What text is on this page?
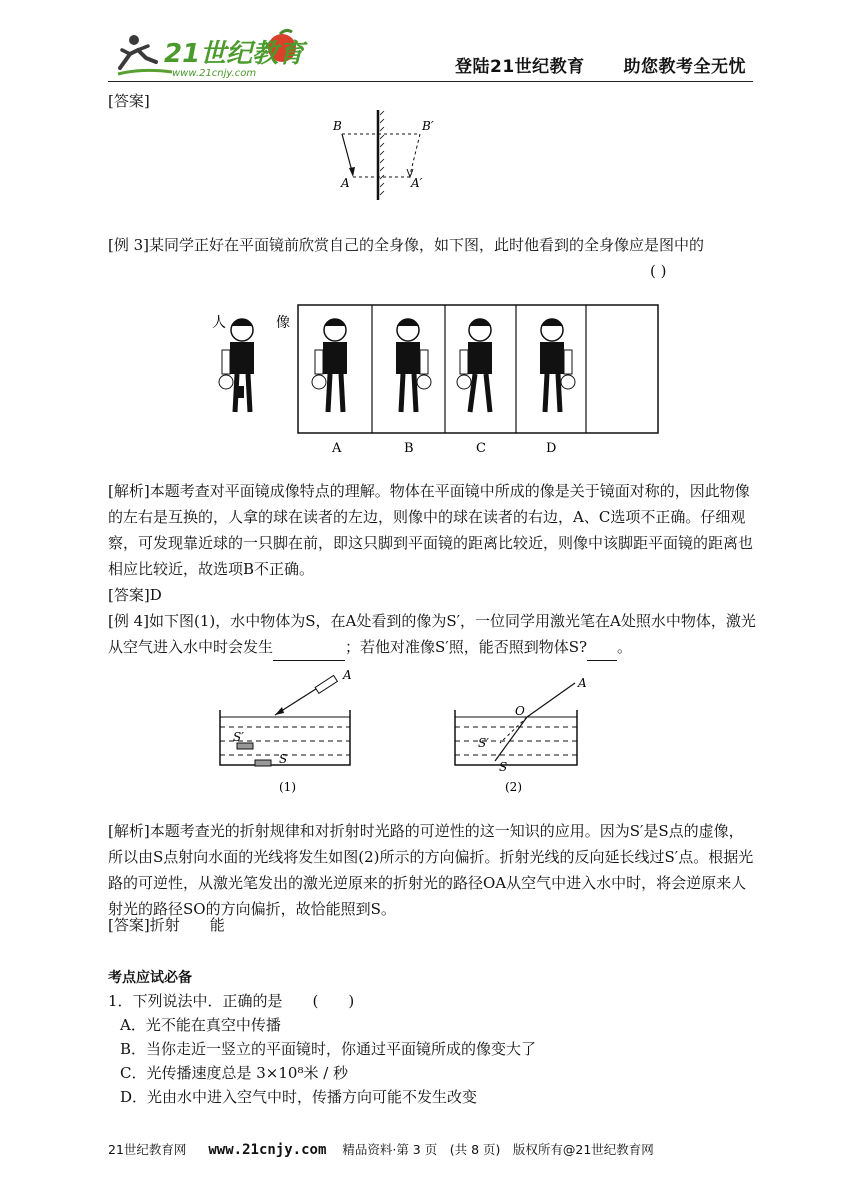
21世纪教育
www.21cnjy.com	登陆21世纪教育 助您教考全无忧
[答案]
B	B′
A	A′
[例 3]某同学正好在平面镜前欣赏自己的全身像，如下图，此时他看到的全身像应是图中的
( )
人	像
A	B	C	D
[解析]本题考查对平面镜成像特点的理解。物体在平面镜中所成的像是关于镜面对称的，因此物像的左右是互换的，人拿的球在读者的左边，则像中的球在读者的右边，A、C选项不正确。仔细观察，可发现靠近球的一只脚在前，即这只脚到平面镜的距离比较近，则像中该脚距平面镜的距离也相应比较近，故选项B不正确。
[答案]D
[例 4]如下图(1)，水中物体为S，在A处看到的像为S′，一位同学用激光笔在A处照水中物体，激光从空气进入水中时会发生	；若他对准像S′照，能否照到物体S? 。
A
S′
S
(1)
A
O
S′
S
(2)
[解析]本题考查光的折射规律和对折射时光路的可逆性的这一知识的应用。因为S′是S点的虚像，所以由S点射向水面的光线将发生如图(2)所示的方向偏折。折射光线的反向延长线过S′点。根据光路的可逆性，从激光笔发出的激光逆原来的折射光的路径OA从空气中进入水中时，将会逆原来人射光的路径SO的方向偏折，故恰能照到S。
[答案]折射 能
考点应试必备
1．下列说法中．正确的是　　(　　)
A．光不能在真空中传播
B．当你走近一竖立的平面镜时，你通过平面镜所成的像变大了
C．光传播速度总是 3×10⁸米 / 秒
D．光由水中进入空气中时，传播方向可能不发生改变
21世纪教育网 www.21cnjy.com 精品资料·第 3 页　(共 8 页)　版权所有@21世纪教育网
